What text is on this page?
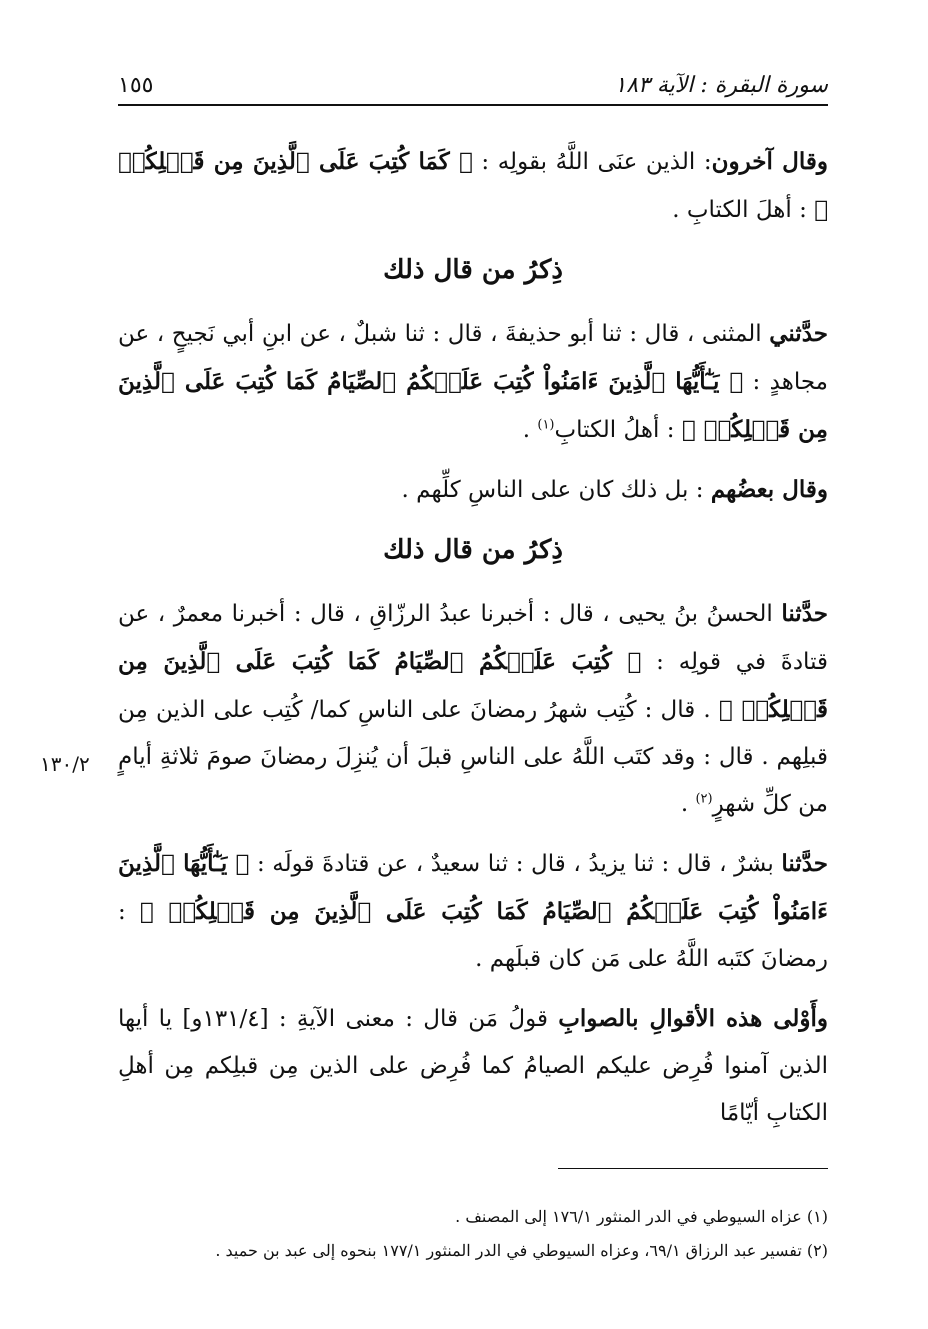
سورة البقرة : الآية ١٨٣
١٥٥

وقال آخرون: الذين عنَى اللَّهُ بقولِه : ﴿ كَمَا كُتِبَ عَلَى ٱلَّذِينَ مِن قَبۡلِكُمۡ ﴾ : أهلَ الكتابِ .

ذِكرُ من قال ذلك

حدَّثني المثنى ، قال : ثنا أبو حذيفةَ ، قال : ثنا شبلٌ ، عن ابنِ أبي نَجيحٍ ، عن مجاهدٍ : ﴿ يَـٰٓأَيُّهَا ٱلَّذِينَ ءَامَنُواْ كُتِبَ عَلَيۡكُمُ ٱلصِّيَامُ كَمَا كُتِبَ عَلَى ٱلَّذِينَ مِن قَبۡلِكُمۡ ﴾ : أهلُ الكتابِ$^{(١)}$ .

وقال بعضُهم : بل ذلك كان على الناسِ كلِّهم .

ذِكرُ من قال ذلك

حدَّثنا الحسنُ بنُ يحيى ، قال : أخبرنا عبدُ الرزّاقِ ، قال : أخبرنا معمرٌ ، عن قتادةَ في قولِه : ﴿ كُتِبَ عَلَيۡكُمُ ٱلصِّيَامُ كَمَا كُتِبَ عَلَى ٱلَّذِينَ مِن قَبۡلِكُمۡ ﴾ . قال : كُتِب شهرُ رمضانَ على الناسِ كما/ كُتِب على الذين مِن قبلِهم . قال : وقد كتَب اللَّهُ على الناسِ قبلَ أن يُنزِلَ رمضانَ صومَ ثلاثةِ أيامٍ من كلِّ شهرٍ$^{(٢)}$ .

حدَّثنا بشرٌ ، قال : ثنا يزيدُ ، قال : ثنا سعيدٌ ، عن قتادةَ قولَه : ﴿ يَـٰٓأَيُّهَا ٱلَّذِينَ ءَامَنُواْ كُتِبَ عَلَيۡكُمُ ٱلصِّيَامُ كَمَا كُتِبَ عَلَى ٱلَّذِينَ مِن قَبۡلِكُمۡ ﴾ : رمضانَ كتَبه اللَّهُ على مَن كان قبلَهم .

وأَوْلى هذه الأقوالِ بالصوابِ قولُ مَن قال : معنى الآيةِ : [١٣١/٤و] يا أيها الذين آمنوا فُرِض عليكم الصيامُ كما فُرِض على الذين مِن قبلِكم مِن أهلِ الكتابِ أيّامًا

١٣٠/٢

(١) عزاه السيوطي في الدر المنثور ١٧٦/١ إلى المصنف .

(٢) تفسير عبد الرزاق ٦٩/١، وعزاه السيوطي في الدر المنثور ١٧٧/١ بنحوه إلى عبد بن حميد .
